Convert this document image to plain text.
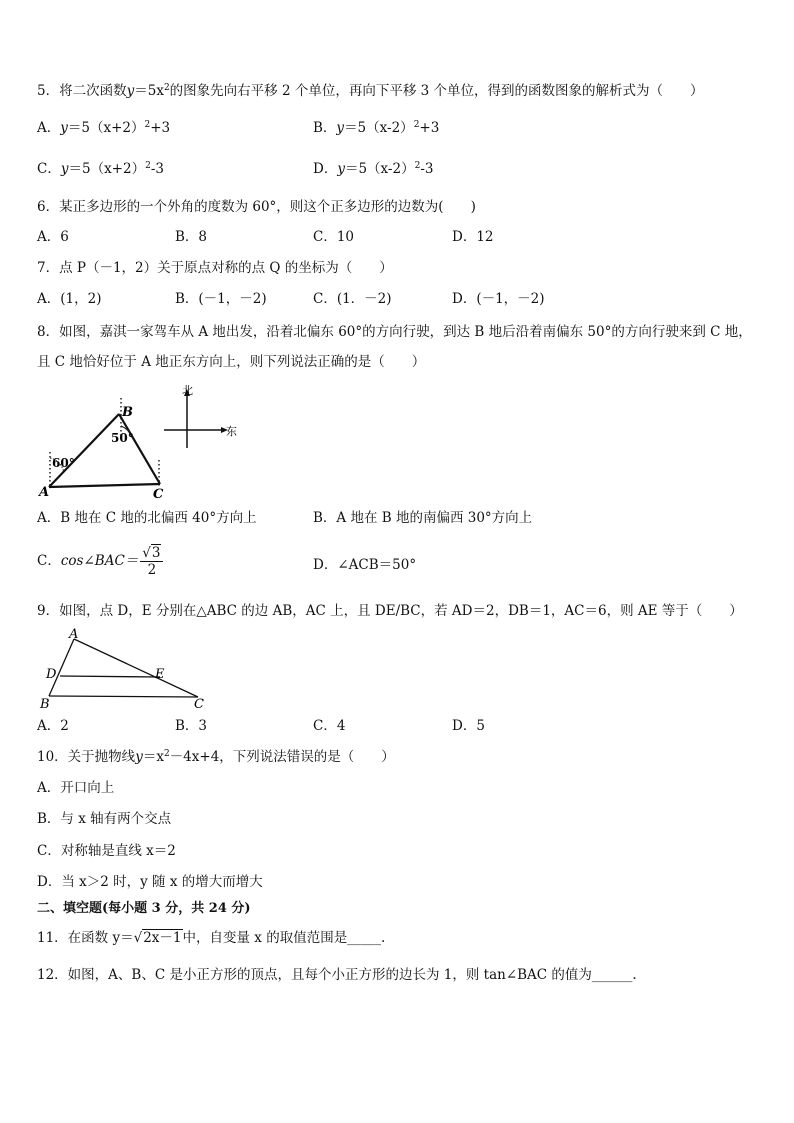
5．将二次函数$y=5x^2$的图象先向右平移 2 个单位，再向下平移 3 个单位，得到的函数图象的解析式为（　　）
A．$y=5(x+2)^2+3$	B．$y=5(x-2)^2+3$
C．$y=5(x+2)^2-3$	D．$y=5(x-2)^2-3$
6．某正多边形的一个外角的度数为 60°，则这个正多边形的边数为(　　)
A．6	B．8	C．10	D．12
7．点 P（－1，2）关于原点对称的点 Q 的坐标为（　　）
A．(1，2)	B．(－1，－2)	C．(1．－2)	D．(－1，－2)
8．如图，嘉淇一家驾车从 A 地出发，沿着北偏东 60°的方向行驶，到达 B 地后沿着南偏东 50°的方向行驶来到 C 地，
且 C 地恰好位于 A 地正东方向上，则下列说法正确的是（　　）
60°
50°
A
B
C
北
东
A．B 地在 C 地的北偏西 40°方向上	B．A 地在 B 地的南偏西 30°方向上
C．cos∠BAC＝ $\frac{√3}{2}$	D．∠ACB＝50°
9．如图，点 D，E 分别在△ABC 的边 AB，AC 上，且 DE/BC，若 AD＝2，DB＝1，AC＝6，则 AE 等于（　　）
A
D	E
B	C
A．2	B．3	C．4	D．5
10．关于抛物线$y=x^2-4x+4$，下列说法错误的是（　　）
A．开口向上
B．与 x 轴有两个交点
C．对称轴是直线 x＝2
D．当 x＞2 时，y 随 x 的增大而增大
二、填空题(每小题 3 分，共 24 分)
11．在函数 y＝√2x－1中，自变量 x 的取值范围是_____.
12．如图，A、B、C 是小正方形的顶点，且每个小正方形的边长为 1，则 tan∠BAC 的值为______.
